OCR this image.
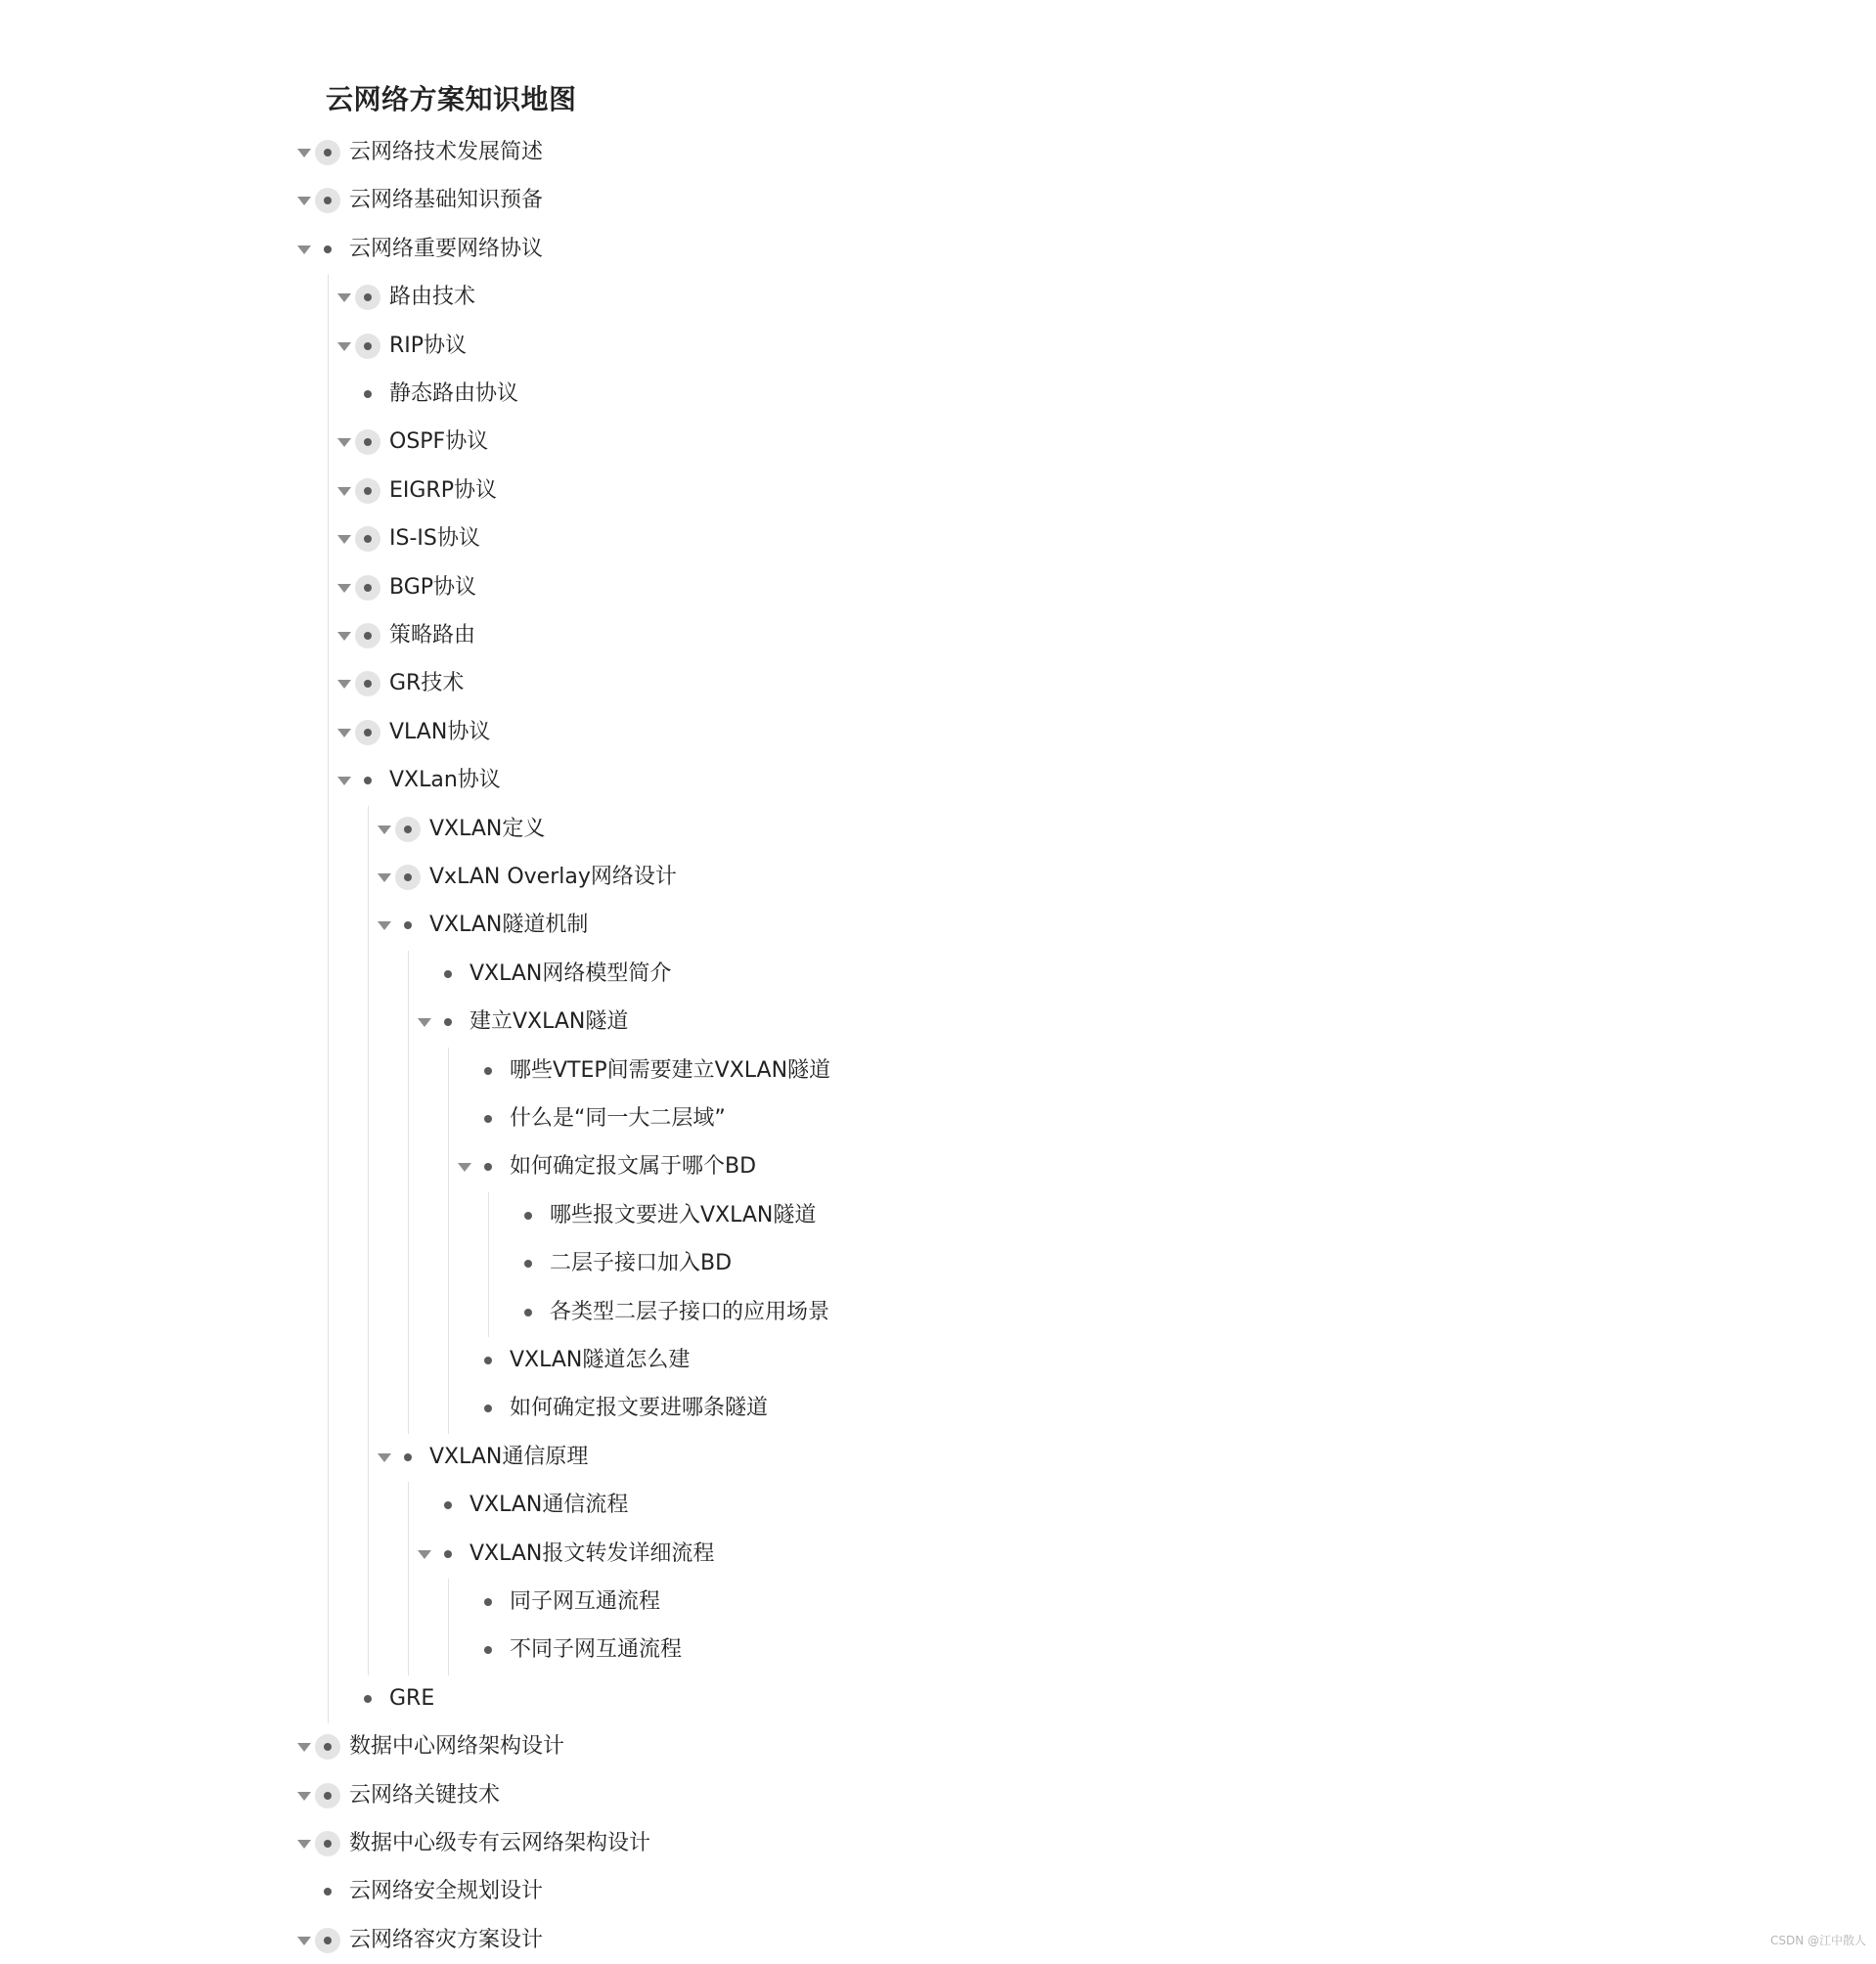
云网络方案知识地图
云网络技术发展简述
云网络基础知识预备
云网络重要网络协议
路由技术
RIP协议
静态路由协议
OSPF协议
EIGRP协议
IS-IS协议
BGP协议
策略路由
GR技术
VLAN协议
VXLan协议
VXLAN定义
VxLAN Overlay网络设计
VXLAN隧道机制
VXLAN网络模型简介
建立VXLAN隧道
哪些VTEP间需要建立VXLAN隧道
什么是“同一大二层域”
如何确定报文属于哪个BD
哪些报文要进入VXLAN隧道
二层子接口加入BD
各类型二层子接口的应用场景
VXLAN隧道怎么建
如何确定报文要进哪条隧道
VXLAN通信原理
VXLAN通信流程
VXLAN报文转发详细流程
同子网互通流程
不同子网互通流程
GRE
数据中心网络架构设计
云网络关键技术
数据中心级专有云网络架构设计
云网络安全规划设计
云网络容灾方案设计	CSDN @江中散人
